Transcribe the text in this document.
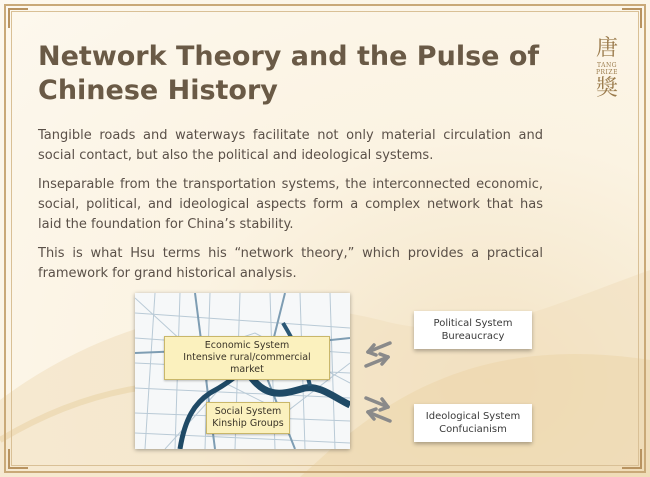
唐
TANG PRIZE
獎
Network Theory and the Pulse of Chinese History

Tangible roads and waterways facilitate not only material circulation and social contact, but also the political and ideological systems.

Inseparable from the transportation systems, the interconnected economic, social, political, and ideological aspects form a complex network that has laid the foundation for China’s stability.

This is what Hsu terms his “network theory,” which provides a practical framework for grand historical analysis.

Economic System
Intensive rural/commercial market
Social System
Kinship Groups
Political System
Bureaucracy
Ideological System
Confucianism
